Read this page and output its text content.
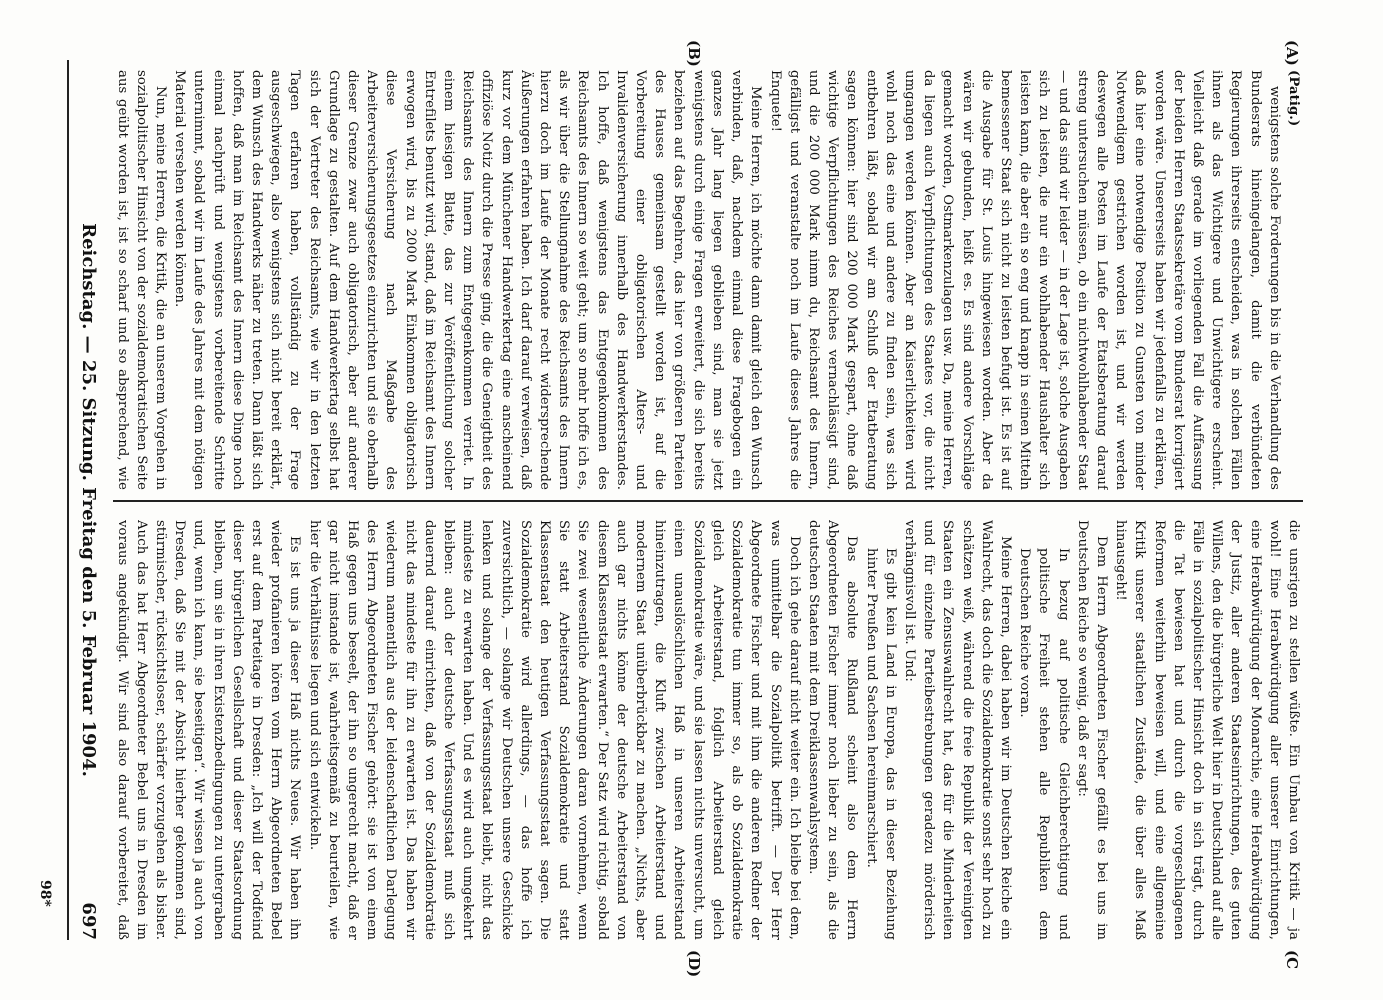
Reichstag. — 25. Sitzung. Freitag den 5. Februar 1904.
697
(A)
(B)
(C
(D)

(Patig.)

wenigstens solche Forderungen bis in die Verhandlung des Bundesrats hineingelangen, damit die verbündeten Regierungen ihrerseits entscheiden, was in solchen Fällen ihnen als das Wichtigere und Unwichtigere erscheint. Vielleicht daß gerade im vorliegenden Fall die Auffassung der beiden Herren Staatssekretäre vom Bundesrat korrigiert worden wäre. Unsererseits haben wir jedenfalls zu erklären, daß hier eine notwendige Position zu Gunsten von minder Notwendigem gestrichen worden ist, und wir werden deswegen alle Posten im Laufe der Etatsberatung darauf streng untersuchen müssen, ob ein nichtwohlhabender Staat — und das sind wir leider — in der Lage ist, solche Ausgaben sich zu leisten, die nur ein wohlhabender Haushalter sich leisten kann, die aber ein so eng und knapp in seinen Mitteln bemessener Staat sich nicht zu leisten befugt ist. Es ist auf die Ausgabe für St. Louis hingewiesen worden. Aber da wären wir gebunden, heißt es. Es sind andere Vorschläge gemacht worden, Ostmarkenzulagen usw. Da, meine Herren, da liegen auch Verpflichtungen des Staates vor, die nicht umgangen werden können. Aber an Kaiserlichkeiten wird wohl noch das eine und andere zu finden sein, was sich entbehren läßt, sobald wir am Schluß der Etatberatung sagen können: hier sind 200 000 Mark gespart, ohne daß wichtige Verpflichtungen des Reiches vernachlässigt sind, und die 200 000 Mark nimm du, Reichsamt des Innern, gefälligst und veranstalte noch im Laufe dieses Jahres die Enquete!

Meine Herren, ich möchte dann damit gleich den Wunsch verbinden, daß, nachdem einmal diese Fragebogen ein ganzes Jahr lang liegen geblieben sind, man sie jetzt wenigstens durch einige Fragen erweitert, die sich bereits beziehen auf das Begehren, das hier von größeren Parteien des Hauses gemeinsam gestellt worden ist, auf die Vorbereitung einer obligatorischen Alters- und Invalidenversicherung innerhalb des Handwerkerstandes. Ich hoffe, daß wenigstens das Entgegenkommen des Reichsamts des Innern so weit geht; um so mehr hoffe ich es, als wir über die Stellungnahme des Reichsamts des Innern hierzu doch im Laufe der Monate recht widersprechende Äußerungen erfahren haben. Ich darf darauf verweisen, daß kurz vor dem Münchener Handwerkertag eine anscheinend offiziöse Notiz durch die Presse ging, die die Geneigtheit des Reichsamts des Innern zum Entgegenkommen verriet. In einem hiesigen Blatte, das zur Veröffentlichung solcher Entrefilets benutzt wird, stand, daß im Reichsamt des Innern erwogen wird, bis zu 2000 Mark Einkommen obligatorisch diese Versicherung nach Maßgabe des Arbeiterversicherungsgesetzes einzurichten und sie oberhalb dieser Grenze zwar auch obligatorisch, aber auf anderer Grundlage zu gestalten. Auf dem Handwerkertag selbst hat sich der Vertreter des Reichsamts, wie wir in den letzten Tagen erfahren haben, vollständig zu der Frage ausgeschwiegen, also wenigstens sich nicht bereit erklärt, dem Wunsch des Handwerks näher zu treten. Dann läßt sich hoffen, daß man im Reichsamt des Innern diese Dinge noch einmal nachprüft und wenigstens vorbereitende Schritte unternimmt, sobald wir im Laufe des Jahres mit dem nötigen Material versehen werden können.

Nun, meine Herren, die Kritik, die an unserem Vorgehen in sozialpolitischer Hinsicht von der sozialdemokratischen Seite aus geübt worden ist, ist so scharf und so absprechend, wie

die unsrigen zu stellen wüßte. Ein Umbau von Kritik — ja wohl! Eine Herabwürdigung aller unserer Einrichtungen, eine Herabwürdigung der Monarchie, eine Herabwürdigung der Justiz, aller anderen Staatseinrichtungen, des guten Willens, den die bürgerliche Welt hier in Deutschland auf alle Fälle in sozialpolitischer Hinsicht doch in sich trägt, durch die Tat bewiesen hat und durch die vorgeschlagenen Reformen weiterhin beweisen will, und eine allgemeine Kritik unserer staatlichen Zustände, die über alles Maß hinausgeht!

Dem Herrn Abgeordneten Fischer gefällt es bei uns im Deutschen Reiche so wenig, daß er sagt:

In bezug auf politische Gleichberechtigung und politische Freiheit stehen alle Republiken dem Deutschen Reiche voran.

Meine Herren, dabei haben wir im Deutschen Reiche ein Wahlrecht, das doch die Sozialdemokratie sonst sehr hoch zu schätzen weiß, während die freie Republik der Vereinigten Staaten ein Zensuswahlrecht hat, das für die Minderheiten und für einzelne Parteibestrebungen geradezu mörderisch verhängnisvoll ist. Und:

Es gibt kein Land in Europa, das in dieser Beziehung hinter Preußen und Sachsen hereinmarschiert.

Das absolute Rußland scheint also dem Herrn Abgeordneten Fischer immer noch lieber zu sein, als die deutschen Staaten mit dem Dreiklassenwahlsystem.

Doch ich gehe darauf nicht weiter ein. Ich bleibe bei dem, was unmittelbar die Sozialpolitik betrifft. — Der Herr Abgeordnete Fischer und mit ihm die anderen Redner der Sozialdemokratie tun immer so, als ob Sozialdemokratie gleich Arbeiterstand, folglich Arbeiterstand gleich Sozialdemokratie wäre, und sie lassen nichts unversucht, um einen unauslöschlichen Haß in unseren Arbeiterstand hineinzutragen, die Kluft zwischen Arbeiterstand und modernem Staat unüberbrückbar zu machen. „Nichts, aber auch gar nichts könne der deutsche Arbeiterstand von diesem Klassenstaat erwarten.“ Der Satz wird richtig, sobald Sie zwei wesentliche Änderungen daran vornehmen, wenn Sie statt Arbeiterstand Sozialdemokratie und statt Klassenstaat den heutigen Verfassungsstaat sagen. Die Sozialdemokratie wird allerdings, — das hoffe ich zuversichtlich, — solange wir Deutschen unsere Geschicke lenken und solange der Verfassungsstaat bleibt, nicht das mindeste zu erwarten haben. Und es wird auch umgekehrt bleiben: auch der deutsche Verfassungsstaat muß sich dauernd darauf einrichten, daß von der Sozialdemokratie nicht das mindeste für ihn zu erwarten ist. Das haben wir wiederum namentlich aus der leidenschaftlichen Darlegung des Herrn Abgeordneten Fischer gehört: sie ist von einem Haß gegen uns beseelt, der ihn so ungerecht macht, daß er gar nicht imstande ist, wahrheitsgemäß zu beurteilen, wie hier die Verhältnisse liegen und sich entwickeln.

Es ist uns ja dieser Haß nichts Neues. Wir haben ihn wieder profanieren hören vom Herrn Abgeordneten Bebel erst auf dem Parteitage in Dresden: „Ich will der Todfeind dieser bürgerlichen Gesellschaft und dieser Staatsordnung bleiben, um sie in ihren Existenzbedingungen zu untergraben und, wenn ich kann, sie beseitigen“. Wir wissen ja auch von Dresden, daß Sie mit der Absicht hierher gekommen sind, stürmischer, rücksichtsloser, schärfer vorzugehen als bisher. Auch das hat Herr Abgeordneter Bebel uns in Dresden im voraus angekündigt. Wir sind also darauf vorbereitet, daß

98*
